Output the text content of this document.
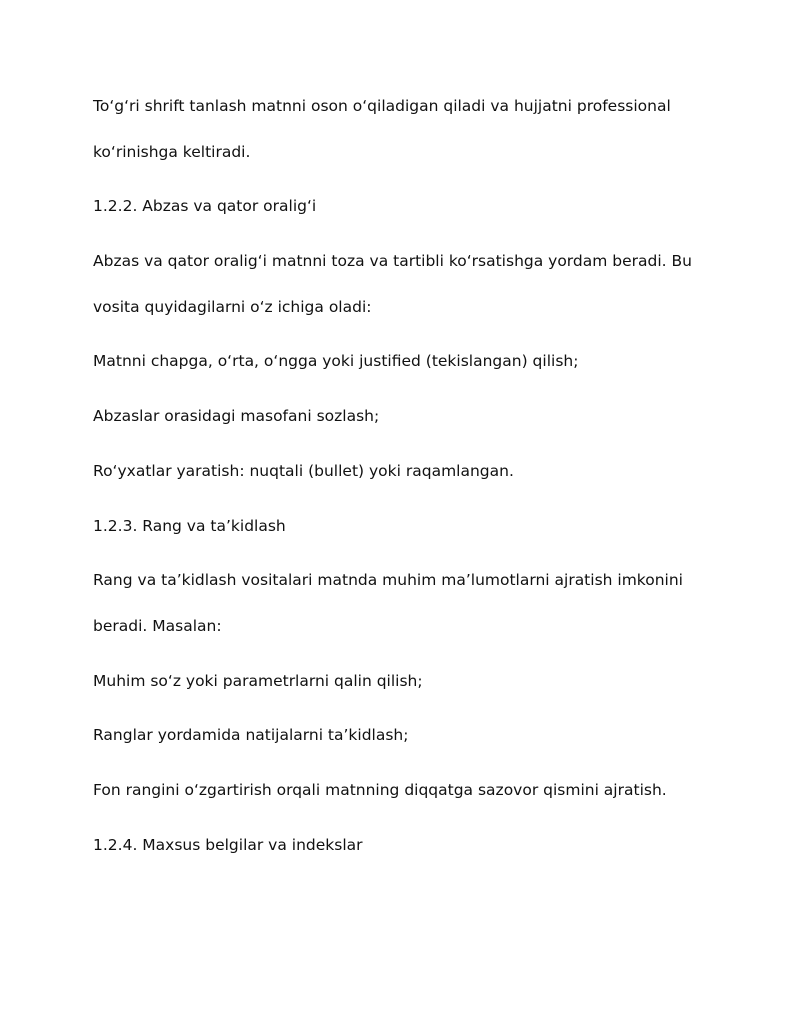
To‘g‘ri shrift tanlash matnni oson o‘qiladigan qiladi va hujjatni professional

ko‘rinishga keltiradi.

1.2.2. Abzas va qator oralig‘i

Abzas va qator oralig‘i matnni toza va tartibli ko‘rsatishga yordam beradi. Bu

vosita quyidagilarni o‘z ichiga oladi:

Matnni chapga, o‘rta, o‘ngga yoki justified (tekislangan) qilish;

Abzaslar orasidagi masofani sozlash;

Ro‘yxatlar yaratish: nuqtali (bullet) yoki raqamlangan.

1.2.3. Rang va ta’kidlash

Rang va ta’kidlash vositalari matnda muhim ma’lumotlarni ajratish imkonini

beradi. Masalan:

Muhim so‘z yoki parametrlarni qalin qilish;

Ranglar yordamida natijalarni ta’kidlash;

Fon rangini o‘zgartirish orqali matnning diqqatga sazovor qismini ajratish.

1.2.4. Maxsus belgilar va indekslar
